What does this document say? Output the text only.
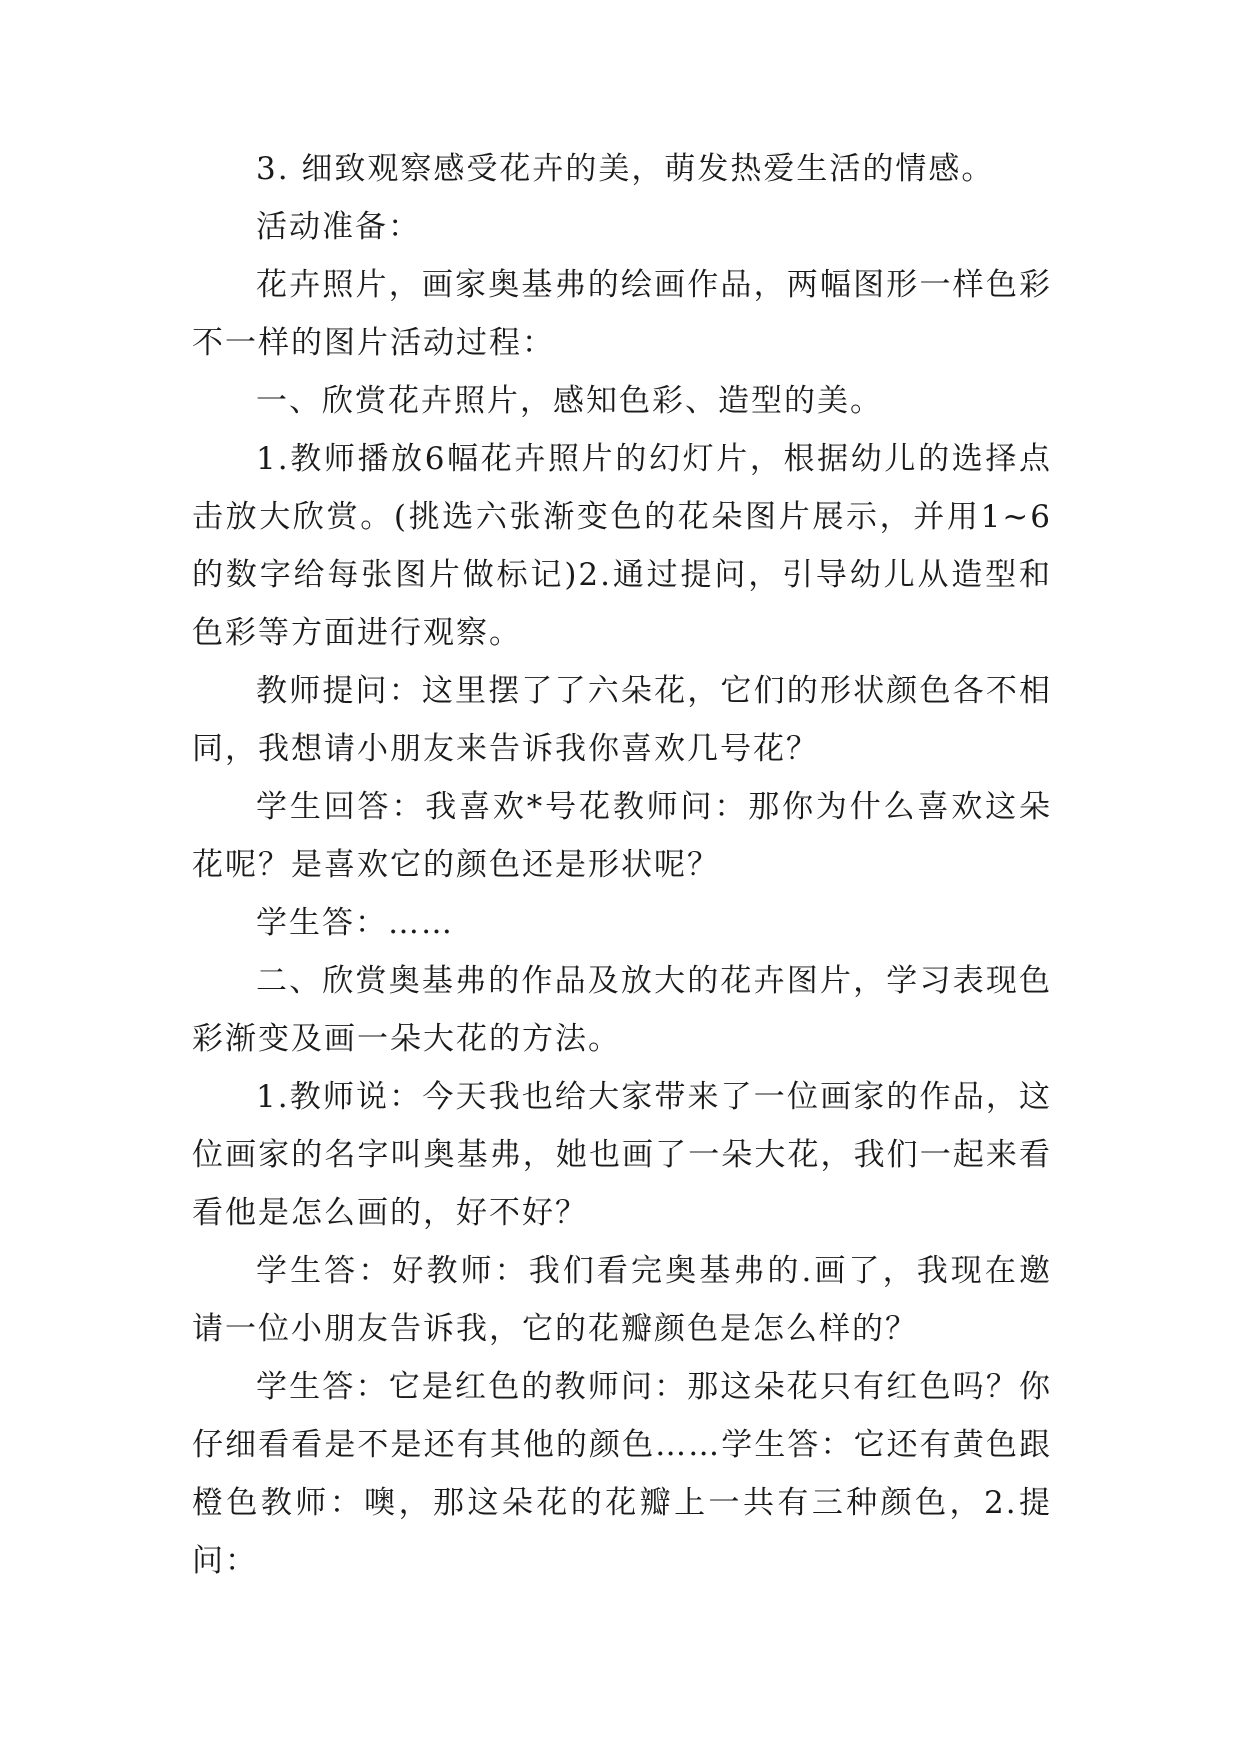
3. 细致观察感受花卉的美，萌发热爱生活的情感。

活动准备：

花卉照片，画家奥基弗的绘画作品，两幅图形一样色彩不一样的图片活动过程：

一、欣赏花卉照片，感知色彩、造型的美。

1.教师播放6幅花卉照片的幻灯片，根据幼儿的选择点击放大欣赏。(挑选六张渐变色的花朵图片展示，并用1~6的数字给每张图片做标记)2.通过提问，引导幼儿从造型和色彩等方面进行观察。

教师提问：这里摆了了六朵花，它们的形状颜色各不相同，我想请小朋友来告诉我你喜欢几号花？

学生回答：我喜欢*号花教师问：那你为什么喜欢这朵花呢？是喜欢它的颜色还是形状呢？

学生答：……

二、欣赏奥基弗的作品及放大的花卉图片，学习表现色彩渐变及画一朵大花的方法。

1.教师说：今天我也给大家带来了一位画家的作品，这位画家的名字叫奥基弗，她也画了一朵大花，我们一起来看看他是怎么画的，好不好？

学生答：好教师：我们看完奥基弗的.画了，我现在邀请一位小朋友告诉我，它的花瓣颜色是怎么样的？

学生答：它是红色的教师问：那这朵花只有红色吗？你仔细看看是不是还有其他的颜色……学生答：它还有黄色跟橙色教师：噢，那这朵花的花瓣上一共有三种颜色，2.提问：
